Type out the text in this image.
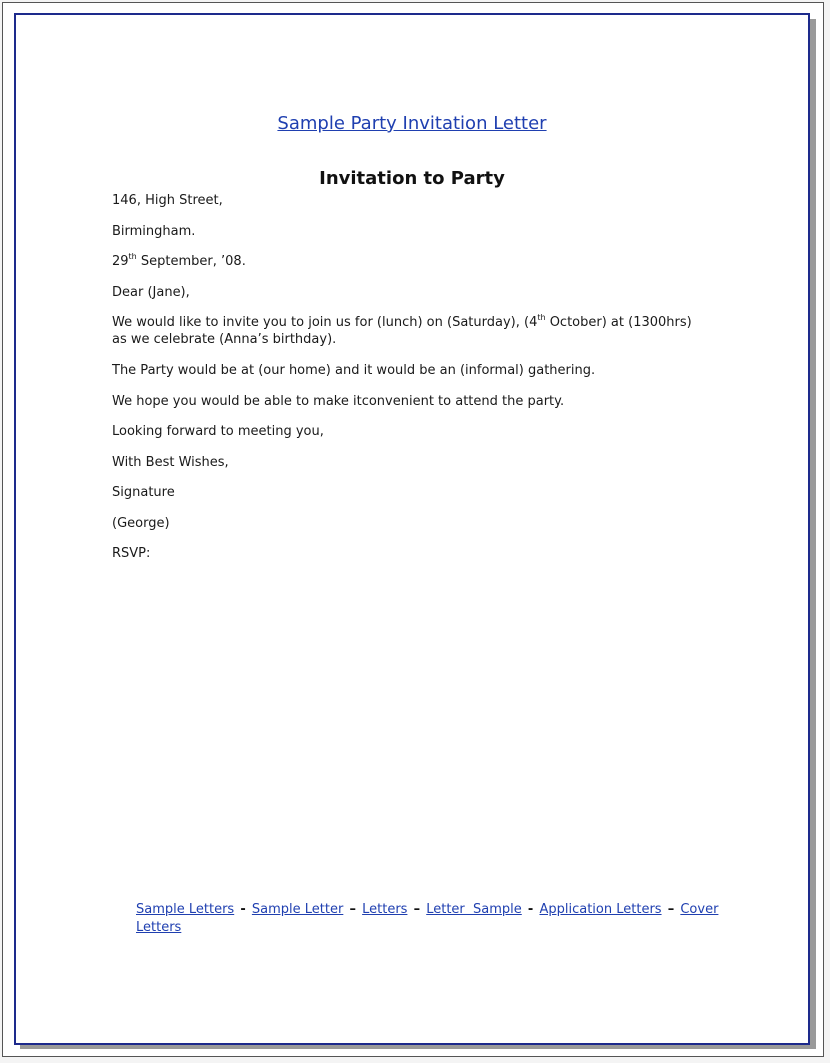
Sample Party Invitation Letter
Invitation to Party

146, High Street,

Birmingham.

29th September, ’08.

Dear (Jane),

We would like to invite you to join us for (lunch) on (Saturday), (4th October) at (1300hrs)

as we celebrate (Anna’s birthday).

The Party would be at (our home) and it would be an (informal) gathering.

We hope you would be able to make itconvenient to attend the party.

Looking forward to meeting you,

With Best Wishes,

Signature

(George)

RSVP:

Sample Letters - Sample Letter – Letters – Letter  Sample - Application Letters – Cover
Letters
